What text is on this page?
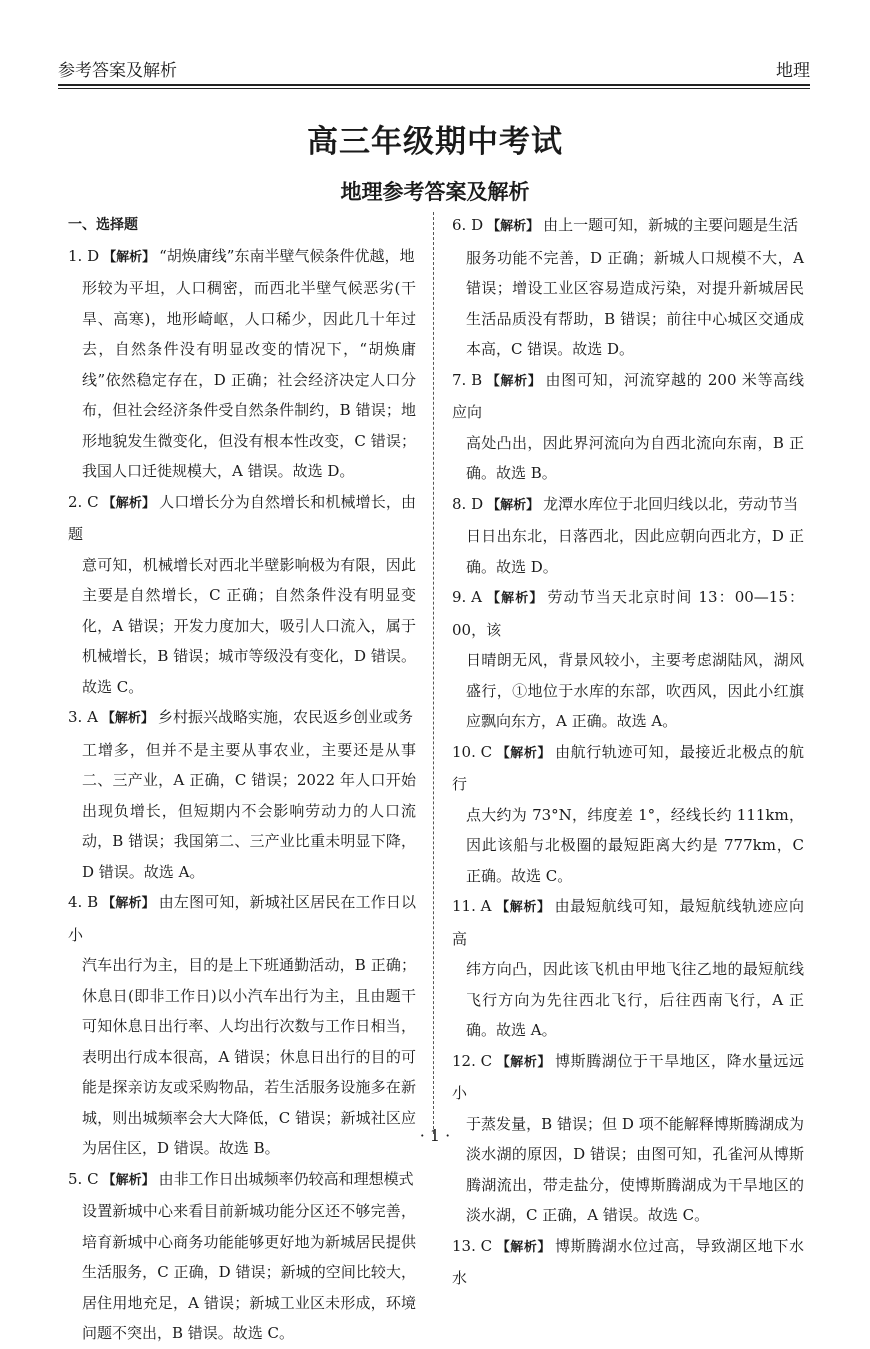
参考答案及解析	地理
高三年级期中考试
地理参考答案及解析
一、选择题
1. D 【解析】 “胡焕庸线”东南半壁气候条件优越，地
形较为平坦，人口稠密，而西北半壁气候恶劣(干旱、高寒)，地形崎岖，人口稀少，因此几十年过去，自然条件没有明显改变的情况下，“胡焕庸线”依然稳定存在，D 正确；社会经济决定人口分布，但社会经济条件受自然条件制约，B 错误；地形地貌发生微变化，但没有根本性改变，C 错误；我国人口迁徙规模大，A 错误。故选 D。
2. C 【解析】 人口增长分为自然增长和机械增长，由题
意可知，机械增长对西北半壁影响极为有限，因此主要是自然增长，C 正确；自然条件没有明显变化，A 错误；开发力度加大，吸引人口流入，属于机械增长，B 错误；城市等级没有变化，D 错误。故选 C。
3. A 【解析】 乡村振兴战略实施，农民返乡创业或务
工增多，但并不是主要从事农业，主要还是从事二、三产业，A 正确，C 错误；2022 年人口开始出现负增长，但短期内不会影响劳动力的人口流动，B 错误；我国第二、三产业比重未明显下降，D 错误。故选 A。
4. B 【解析】 由左图可知，新城社区居民在工作日以小
汽车出行为主，目的是上下班通勤活动，B 正确；休息日(即非工作日)以小汽车出行为主，且由题干可知休息日出行率、人均出行次数与工作日相当，表明出行成本很高，A 错误；休息日出行的目的可能是探亲访友或采购物品，若生活服务设施多在新城，则出城频率会大大降低，C 错误；新城社区应为居住区，D 错误。故选 B。
5. C 【解析】 由非工作日出城频率仍较高和理想模式
设置新城中心来看目前新城功能分区还不够完善，培育新城中心商务功能能够更好地为新城居民提供生活服务，C 正确，D 错误；新城的空间比较大，居住用地充足，A 错误；新城工业区未形成，环境问题不突出，B 错误。故选 C。
6. D 【解析】 由上一题可知，新城的主要问题是生活
服务功能不完善，D 正确；新城人口规模不大，A 错误；增设工业区容易造成污染，对提升新城居民生活品质没有帮助，B 错误；前往中心城区交通成本高，C 错误。故选 D。
7. B 【解析】 由图可知，河流穿越的 200 米等高线应向
高处凸出，因此界河流向为自西北流向东南，B 正确。故选 B。
8. D 【解析】 龙潭水库位于北回归线以北，劳动节当
日日出东北，日落西北，因此应朝向西北方，D 正确。故选 D。
9. A 【解析】 劳动节当天北京时间 13：00—15：00，该
日晴朗无风，背景风较小，主要考虑湖陆风，湖风盛行，①地位于水库的东部，吹西风，因此小红旗应飘向东方，A 正确。故选 A。
10. C 【解析】 由航行轨迹可知，最接近北极点的航行
点大约为 73°N，纬度差 1°，经线长约 111km，因此该船与北极圈的最短距离大约是 777km，C 正确。故选 C。
11. A 【解析】 由最短航线可知，最短航线轨迹应向高
纬方向凸，因此该飞机由甲地飞往乙地的最短航线飞行方向为先往西北飞行，后往西南飞行，A 正确。故选 A。
12. C 【解析】 博斯腾湖位于干旱地区，降水量远远小
于蒸发量，B 错误；但 D 项不能解释博斯腾湖成为淡水湖的原因，D 错误；由图可知，孔雀河从博斯腾湖流出，带走盐分，使博斯腾湖成为干旱地区的淡水湖，C 正确，A 错误。故选 C。
13. C 【解析】 博斯腾湖水位过高，导致湖区地下水水
· 1 ·
